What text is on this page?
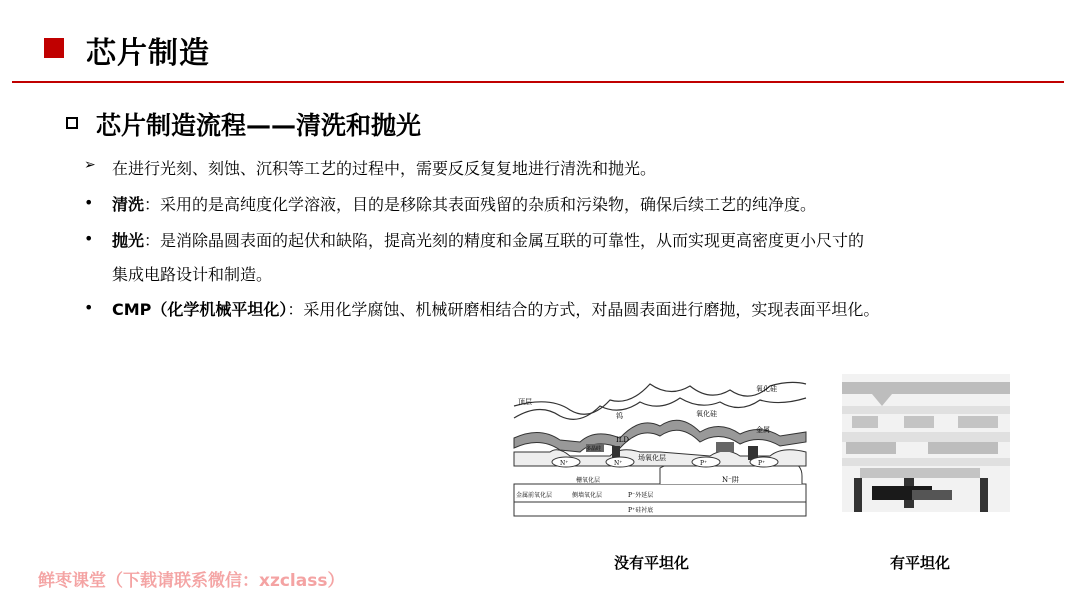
芯片制造
芯片制造流程——清洗和抛光
➢ 在进行光刻、刻蚀、沉积等工艺的过程中，需要反反复复地进行清洗和抛光。
• 清洗：采用的是高纯度化学溶液，目的是移除其表面残留的杂质和污染物，确保后续工艺的纯净度。
• 抛光：是消除晶圆表面的起伏和缺陷，提高光刻的精度和金属互联的可靠性，从而实现更高密度更小尺寸的
集成电路设计和制造。
• CMP（化学机械平坦化）：采用化学腐蚀、机械研磨相结合的方式，对晶圆表面进行磨抛，实现表面平坦化。
顶层
氧化硅
钨	氧化硅
金属
ILD
场氧化层
多晶硅
N⁺	N⁺	P⁺	P⁺
N⁻阱
栅氧化层
金属前氧化层	侧墙氧化层	P⁻外延层
P⁺硅衬底
没有平坦化	有平坦化
鲜枣课堂（下载请联系微信：xzclass）
